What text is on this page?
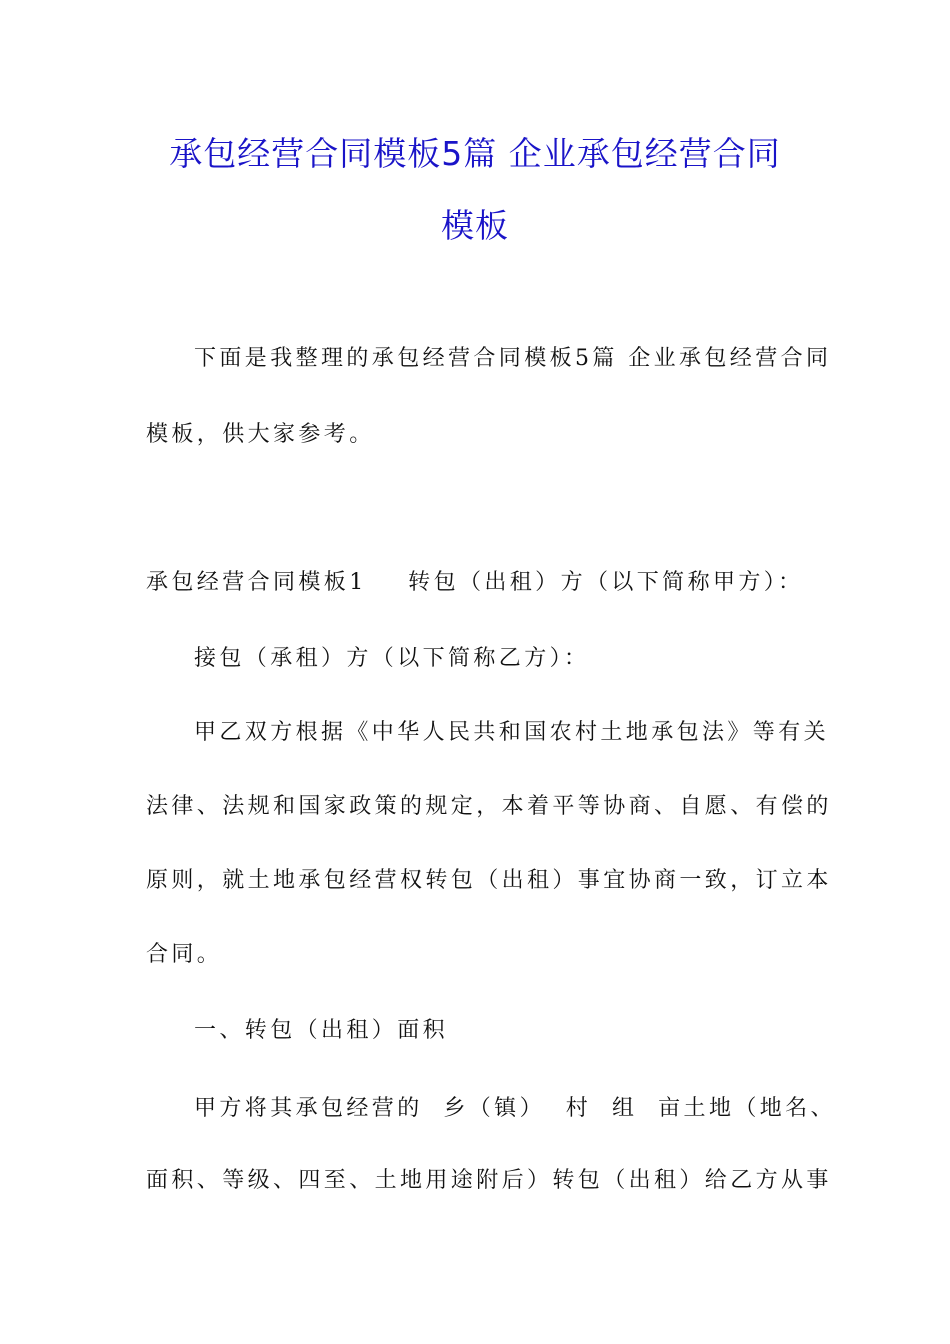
承包经营合同模板5篇 企业承包经营合同
模板
下面是我整理的承包经营合同模板5篇 企业承包经营合同
模板，供大家参考。
承包经营合同模板1    转包（出租）方（以下简称甲方）：
接包（承租）方（以下简称乙方）：
甲乙双方根据《中华人民共和国农村土地承包法》等有关
法律、法规和国家政策的规定，本着平等协商、自愿、有偿的
原则，就土地承包经营权转包（出租）事宜协商一致，订立本
合同。
一、转包（出租）面积
甲方将其承包经营的  乡（镇）  村  组  亩土地（地名、
面积、等级、四至、土地用途附后）转包（出租）给乙方从事
